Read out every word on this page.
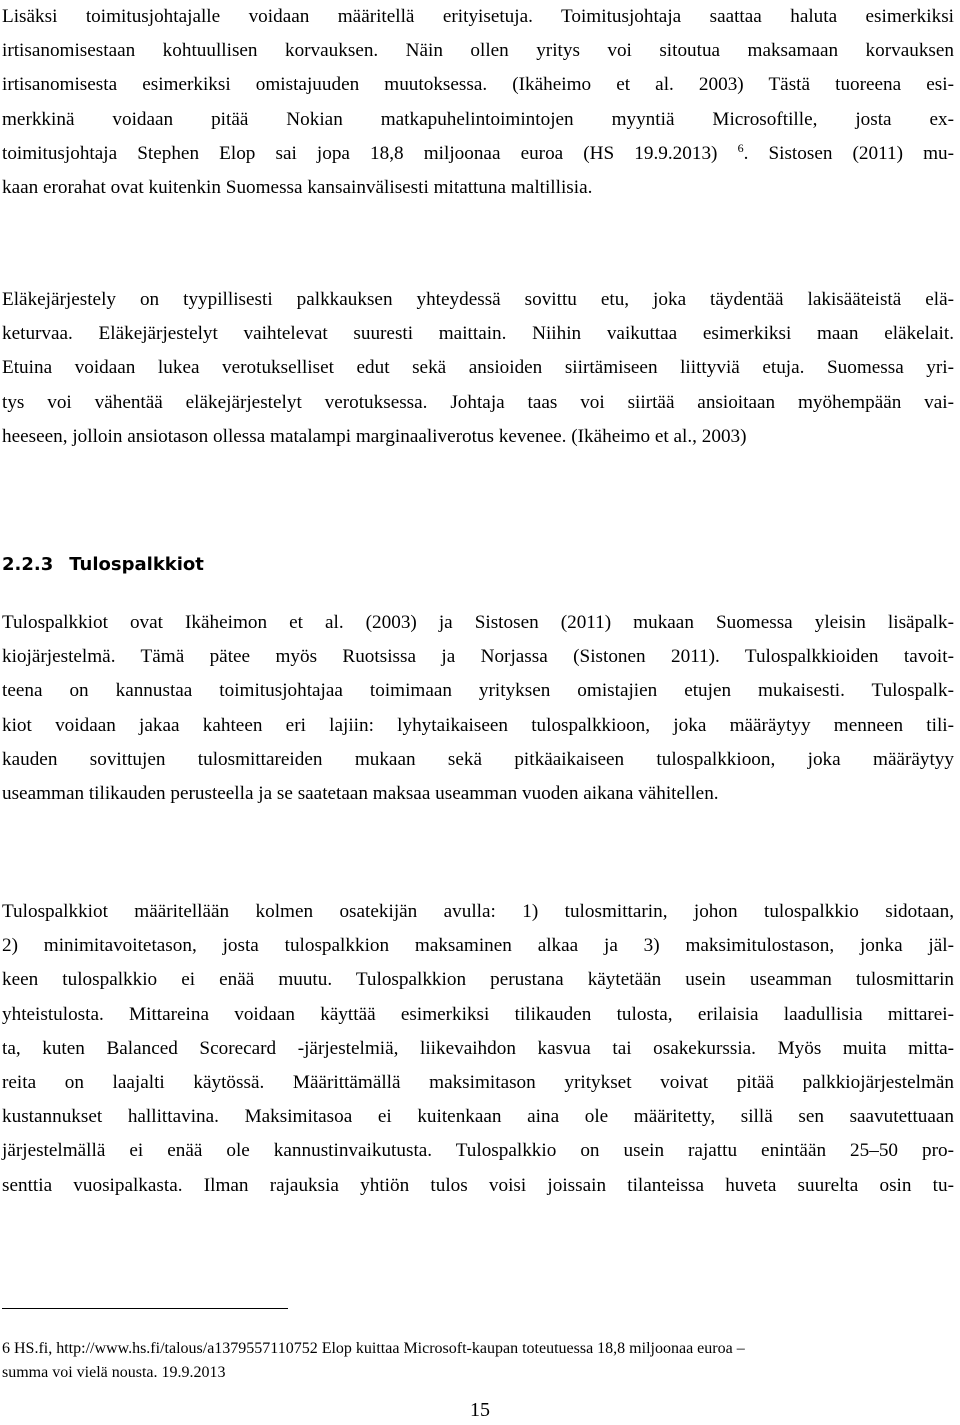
Lisäksi toimitusjohtajalle voidaan määritellä erityisetuja. Toimitusjohtaja saattaa haluta esimerkiksi
irtisanomisestaan kohtuullisen korvauksen. Näin ollen yritys voi sitoutua maksamaan korvauksen
irtisanomisesta esimerkiksi omistajuuden muutoksessa. (Ikäheimo et al. 2003) Tästä tuoreena esi-
merkkinä voidaan pitää Nokian matkapuhelintoimintojen myyntiä Microsoftille, josta ex-
toimitusjohtaja Stephen Elop sai jopa 18,8 miljoonaa euroa (HS 19.9.2013) $^6$. Sistosen (2011) mu-
kaan erorahat ovat kuitenkin Suomessa kansainvälisesti mitattuna maltillisia.
Eläkejärjestely on tyypillisesti palkkauksen yhteydessä sovittu etu, joka täydentää lakisääteistä elä-
keturvaa. Eläkejärjestelyt vaihtelevat suuresti maittain. Niihin vaikuttaa esimerkiksi maan eläkelait.
Etuina voidaan lukea verotukselliset edut sekä ansioiden siirtämiseen liittyviä etuja. Suomessa yri-
tys voi vähentää eläkejärjestelyt verotuksessa. Johtaja taas voi siirtää ansioitaan myöhempään vai-
heeseen, jolloin ansiotason ollessa matalampi marginaaliverotus kevenee. (Ikäheimo et al., 2003)
2.2.3 Tulospalkkiot
Tulospalkkiot ovat Ikäheimon et al. (2003) ja Sistosen (2011) mukaan Suomessa yleisin lisäpalk-
kiojärjestelmä. Tämä pätee myös Ruotsissa ja Norjassa (Sistonen 2011). Tulospalkkioiden tavoit-
teena on kannustaa toimitusjohtajaa toimimaan yrityksen omistajien etujen mukaisesti. Tulospalk-
kiot voidaan jakaa kahteen eri lajiin: lyhytaikaiseen tulospalkkioon, joka määräytyy menneen tili-
kauden sovittujen tulosmittareiden mukaan sekä pitkäaikaiseen tulospalkkioon, joka määräytyy
useamman tilikauden perusteella ja se saatetaan maksaa useamman vuoden aikana vähitellen.
Tulospalkkiot määritellään kolmen osatekijän avulla: 1) tulosmittarin, johon tulospalkkio sidotaan,
2) minimitavoitetason, josta tulospalkkion maksaminen alkaa ja 3) maksimitulostason, jonka jäl-
keen tulospalkkio ei enää muutu. Tulospalkkion perustana käytetään usein useamman tulosmittarin
yhteistulosta. Mittareina voidaan käyttää esimerkiksi tilikauden tulosta, erilaisia laadullisia mittarei-
ta, kuten Balanced Scorecard -järjestelmiä, liikevaihdon kasvua tai osakekurssia. Myös muita mitta-
reita on laajalti käytössä. Määrittämällä maksimitason yritykset voivat pitää palkkiojärjestelmän
kustannukset hallittavina. Maksimitasoa ei kuitenkaan aina ole määritetty, sillä sen saavutettuaan
järjestelmällä ei enää ole kannustinvaikutusta. Tulospalkkio on usein rajattu enintään 25–50 pro-
senttia vuosipalkasta. Ilman rajauksia yhtiön tulos voisi joissain tilanteissa huveta suurelta osin tu-
6 HS.fi, http://www.hs.fi/talous/a1379557110752 Elop kuittaa Microsoft-kaupan toteutuessa 18,8 miljoonaa euroa –
summa voi vielä nousta. 19.9.2013
15
